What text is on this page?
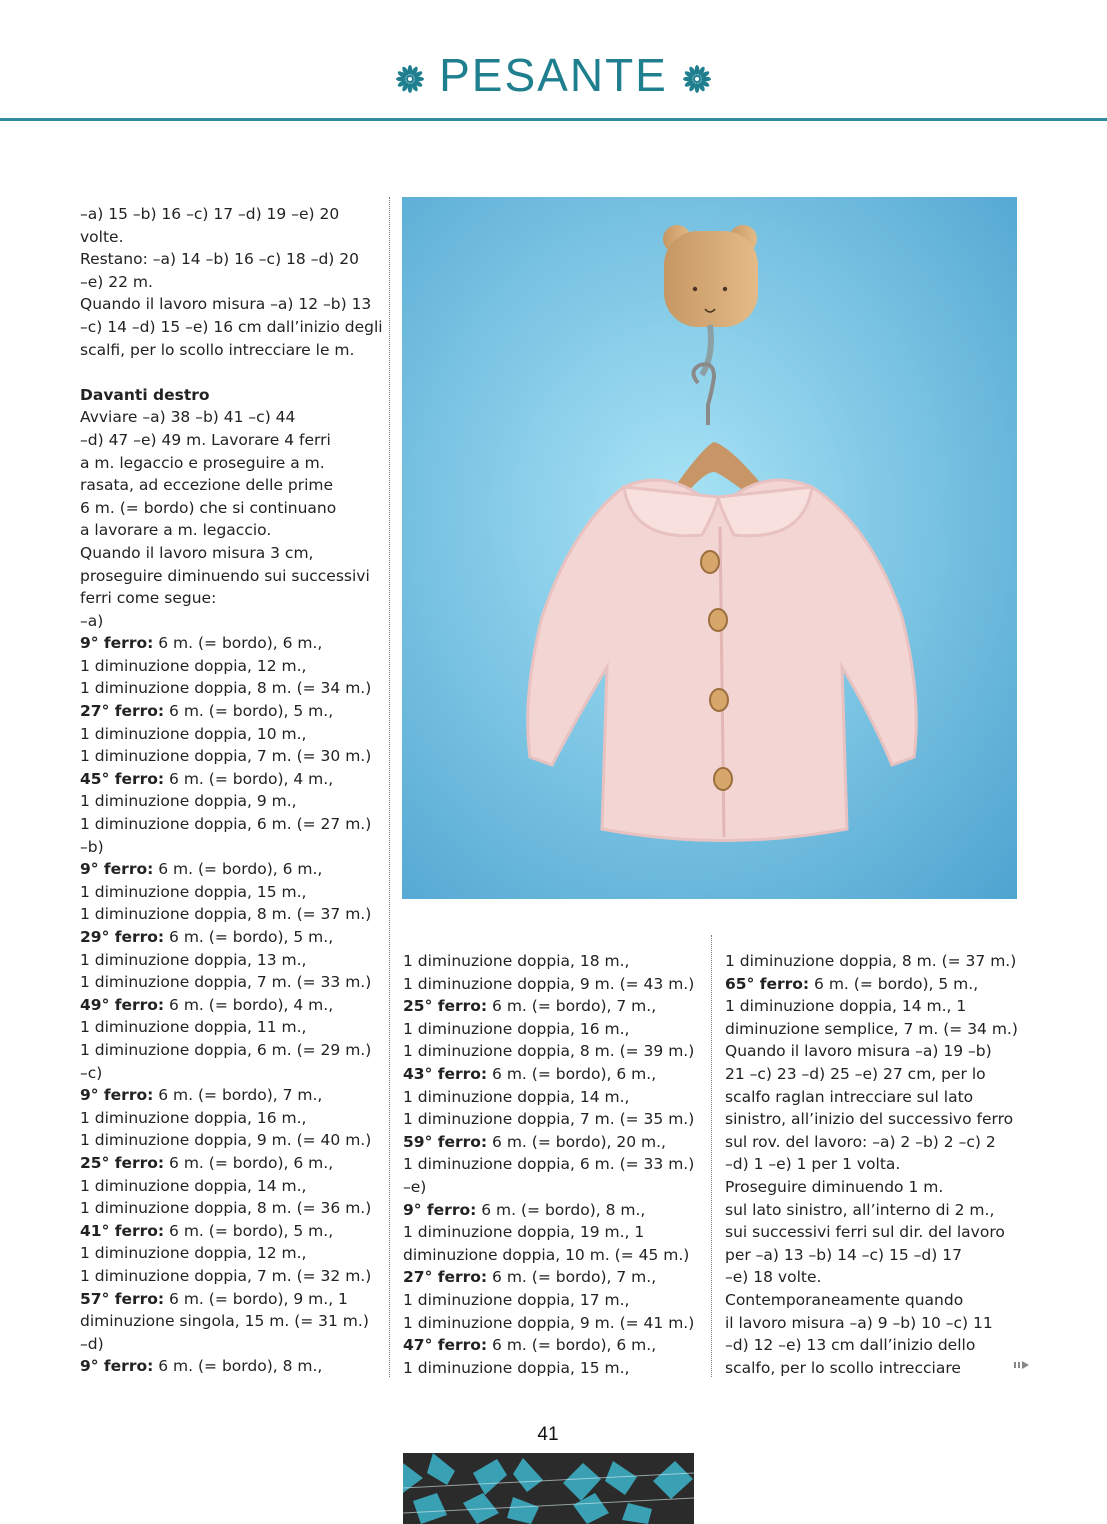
PESANTE

–a) 15 –b) 16 –c) 17 –d) 19 –e) 20

volte.

Restano: –a) 14 –b) 16 –c) 18 –d) 20

–e) 22 m.

Quando il lavoro misura –a) 12 –b) 13

–c) 14 –d) 15 –e) 16 cm dall’inizio degli

scalfi, per lo scollo intrecciare le m.

Davanti destro

Avviare –a) 38 –b) 41 –c) 44

–d) 47 –e) 49 m. Lavorare 4 ferri

a m. legaccio e proseguire a m.

rasata, ad eccezione delle prime

6 m. (= bordo) che si continuano

a lavorare a m. legaccio.

Quando il lavoro misura 3 cm,

proseguire diminuendo sui successivi

ferri come segue:

–a)

9° ferro: 6 m. (= bordo), 6 m.,

1 diminuzione doppia, 12 m.,

1 diminuzione doppia, 8 m. (= 34 m.)

27° ferro: 6 m. (= bordo), 5 m.,

1 diminuzione doppia, 10 m.,

1 diminuzione doppia, 7 m. (= 30 m.)

45° ferro: 6 m. (= bordo), 4 m.,

1 diminuzione doppia, 9 m.,

1 diminuzione doppia, 6 m. (= 27 m.)

–b)

9° ferro: 6 m. (= bordo), 6 m.,

1 diminuzione doppia, 15 m.,

1 diminuzione doppia, 8 m. (= 37 m.)

29° ferro: 6 m. (= bordo), 5 m.,

1 diminuzione doppia, 13 m.,

1 diminuzione doppia, 7 m. (= 33 m.)

49° ferro: 6 m. (= bordo), 4 m.,

1 diminuzione doppia, 11 m.,

1 diminuzione doppia, 6 m. (= 29 m.)

–c)

9° ferro: 6 m. (= bordo), 7 m.,

1 diminuzione doppia, 16 m.,

1 diminuzione doppia, 9 m. (= 40 m.)

25° ferro: 6 m. (= bordo), 6 m.,

1 diminuzione doppia, 14 m.,

1 diminuzione doppia, 8 m. (= 36 m.)

41° ferro: 6 m. (= bordo), 5 m.,

1 diminuzione doppia, 12 m.,

1 diminuzione doppia, 7 m. (= 32 m.)

57° ferro: 6 m. (= bordo), 9 m., 1

diminuzione singola, 15 m. (= 31 m.)

–d)

9° ferro: 6 m. (= bordo), 8 m.,

1 diminuzione doppia, 18 m.,

1 diminuzione doppia, 9 m. (= 43 m.)

25° ferro: 6 m. (= bordo), 7 m.,

1 diminuzione doppia, 16 m.,

1 diminuzione doppia, 8 m. (= 39 m.)

43° ferro: 6 m. (= bordo), 6 m.,

1 diminuzione doppia, 14 m.,

1 diminuzione doppia, 7 m. (= 35 m.)

59° ferro: 6 m. (= bordo), 20 m.,

1 diminuzione doppia, 6 m. (= 33 m.)

–e)

9° ferro: 6 m. (= bordo), 8 m.,

1 diminuzione doppia, 19 m., 1

diminuzione doppia, 10 m. (= 45 m.)

27° ferro: 6 m. (= bordo), 7 m.,

1 diminuzione doppia, 17 m.,

1 diminuzione doppia, 9 m. (= 41 m.)

47° ferro: 6 m. (= bordo), 6 m.,

1 diminuzione doppia, 15 m.,

1 diminuzione doppia, 8 m. (= 37 m.)

65° ferro: 6 m. (= bordo), 5 m.,

1 diminuzione doppia, 14 m., 1

diminuzione semplice, 7 m. (= 34 m.)

Quando il lavoro misura –a) 19 –b)

21 –c) 23 –d) 25 –e) 27 cm, per lo

scalfo raglan intrecciare sul lato

sinistro, all’inizio del successivo ferro

sul rov. del lavoro: –a) 2 –b) 2 –c) 2

–d) 1 –e) 1 per 1 volta.

Proseguire diminuendo 1 m.

sul lato sinistro, all’interno di 2 m.,

sui successivi ferri sul dir. del lavoro

per –a) 13 –b) 14 –c) 15 –d) 17

–e) 18 volte.

Contemporaneamente quando

il lavoro misura –a) 9 –b) 10 –c) 11

–d) 12 –e) 13 cm dall’inizio dello

scalfo, per lo scollo intrecciare

41
